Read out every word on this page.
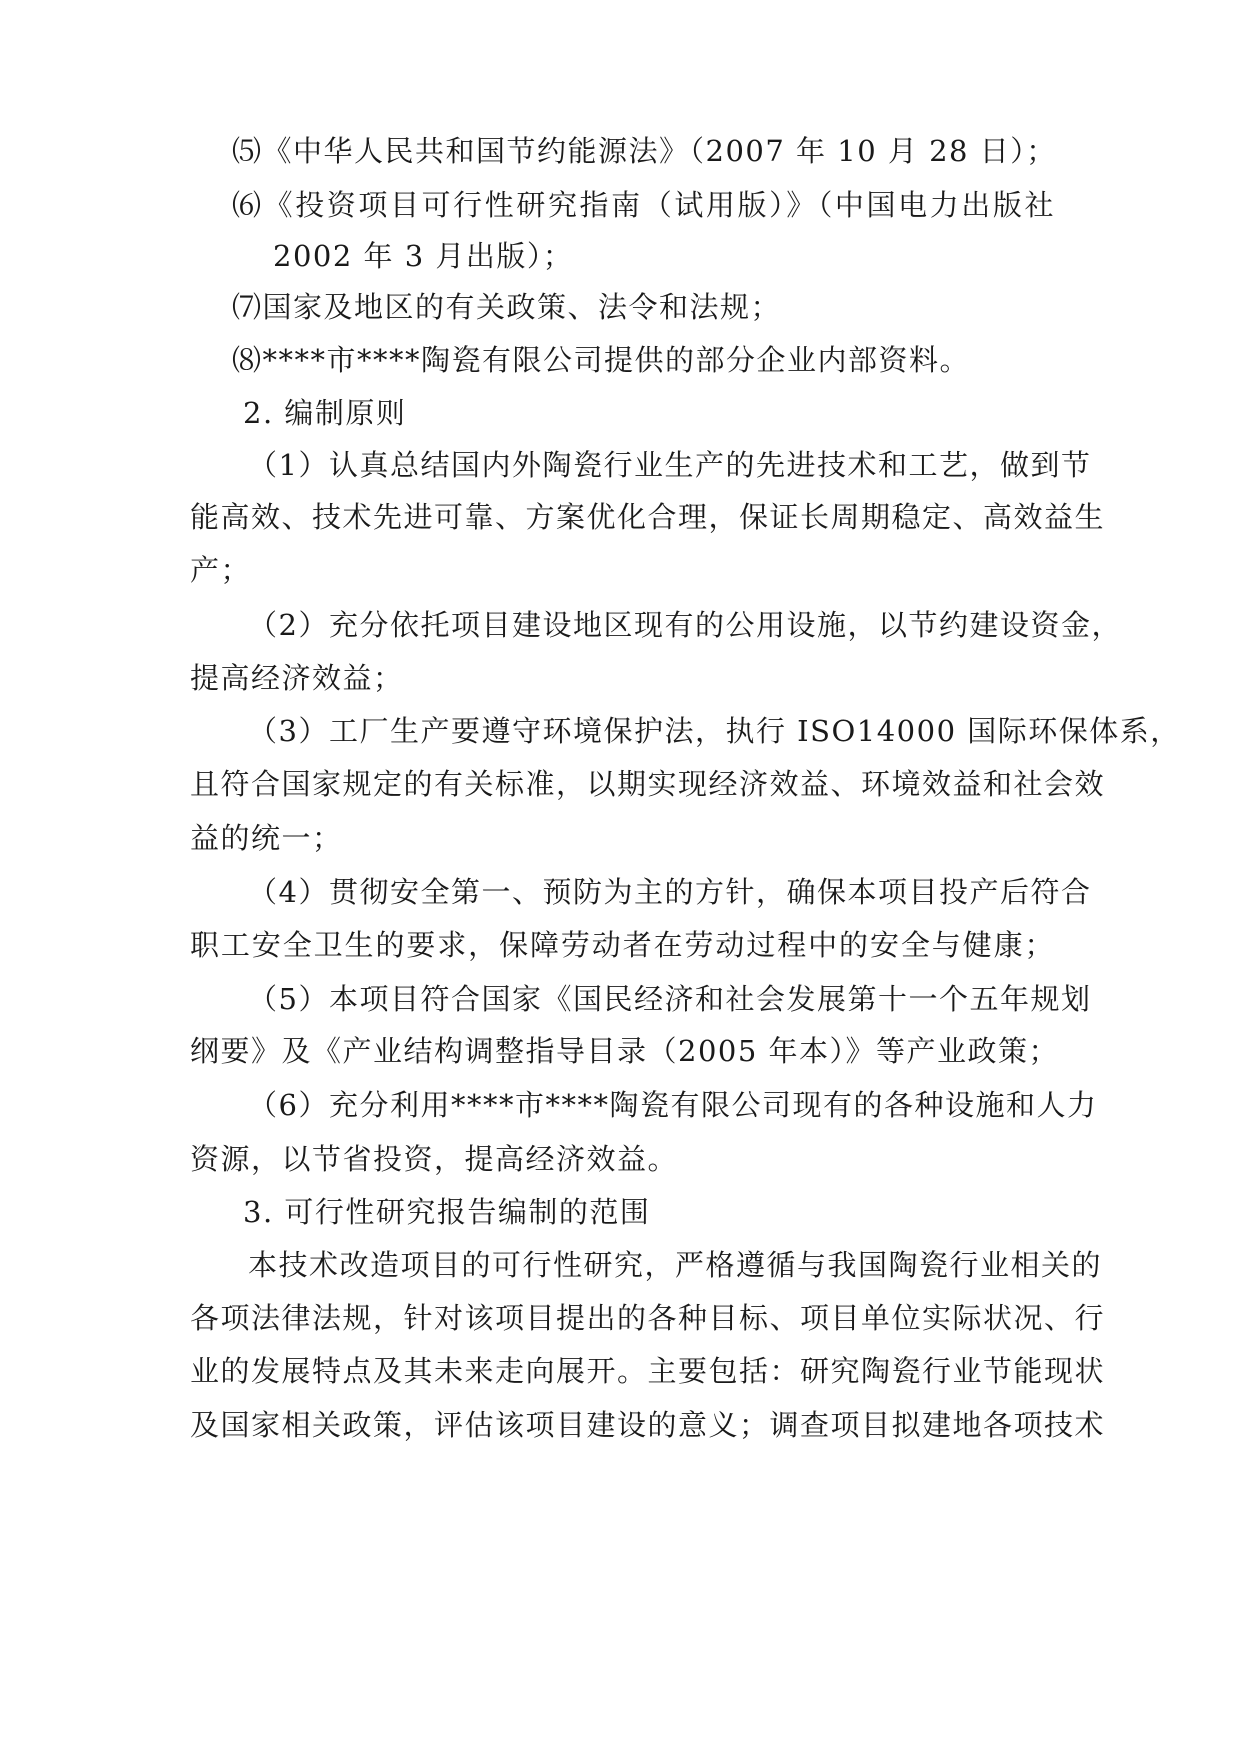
⑸《中华人民共和国节约能源法》（2007 年 10 月 28 日）；
⑹《投资项目可行性研究指南（试用版）》（中国电力出版社
2002 年 3 月出版）；
⑺国家及地区的有关政策、法令和法规；
⑻****市****陶瓷有限公司提供的部分企业内部资料。
2. 编制原则
（1）认真总结国内外陶瓷行业生产的先进技术和工艺，做到节
能高效、技术先进可靠、方案优化合理，保证长周期稳定、高效益生
产；
（2）充分依托项目建设地区现有的公用设施，以节约建设资金，
提高经济效益；
（3）工厂生产要遵守环境保护法，执行 ISO14000 国际环保体系，
且符合国家规定的有关标准，以期实现经济效益、环境效益和社会效
益的统一；
（4）贯彻安全第一、预防为主的方针，确保本项目投产后符合
职工安全卫生的要求，保障劳动者在劳动过程中的安全与健康；
（5）本项目符合国家《国民经济和社会发展第十一个五年规划
纲要》及《产业结构调整指导目录（2005 年本）》等产业政策；
（6）充分利用****市****陶瓷有限公司现有的各种设施和人力
资源，以节省投资，提高经济效益。
3. 可行性研究报告编制的范围
本技术改造项目的可行性研究，严格遵循与我国陶瓷行业相关的
各项法律法规，针对该项目提出的各种目标、项目单位实际状况、行
业的发展特点及其未来走向展开。主要包括：研究陶瓷行业节能现状
及国家相关政策，评估该项目建设的意义；调查项目拟建地各项技术
